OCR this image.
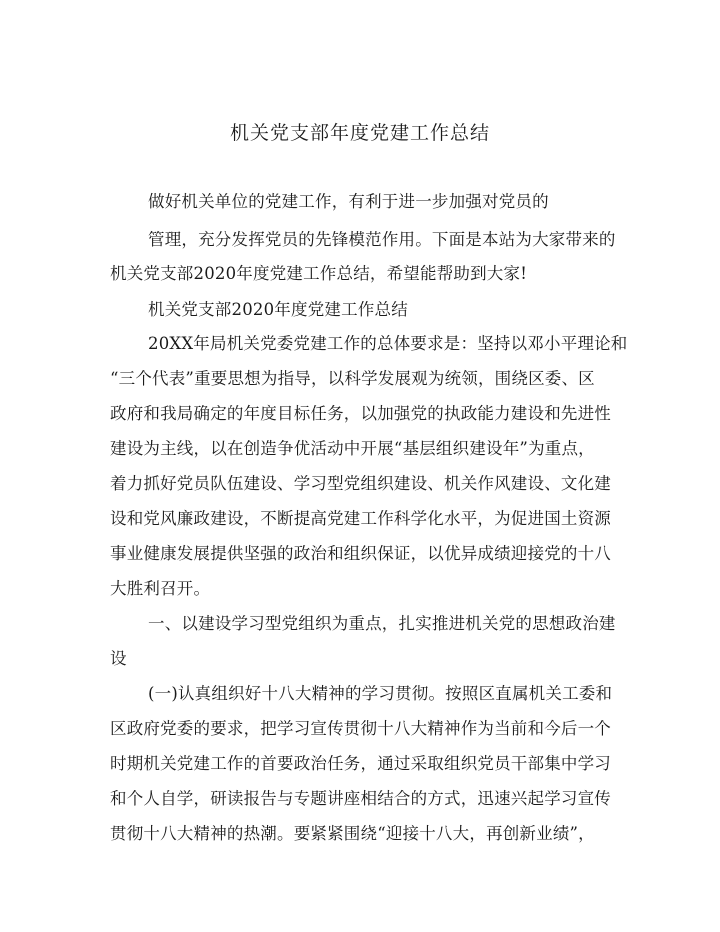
机关党支部年度党建工作总结
做好机关单位的党建工作，有利于进一步加强对党员的
管理，充分发挥党员的先锋模范作用。下面是本站为大家带来的
机关党支部2020年度党建工作总结，希望能帮助到大家!
机关党支部2020年度党建工作总结
20XX年局机关党委党建工作的总体要求是：坚持以邓小平理论和
“三个代表”重要思想为指导，以科学发展观为统领，围绕区委、区
政府和我局确定的年度目标任务，以加强党的执政能力建设和先进性
建设为主线，以在创造争优活动中开展“基层组织建设年”为重点，
着力抓好党员队伍建设、学习型党组织建设、机关作风建设、文化建
设和党风廉政建设，不断提高党建工作科学化水平，为促进国土资源
事业健康发展提供坚强的政治和组织保证，以优异成绩迎接党的十八
大胜利召开。
一、以建设学习型党组织为重点，扎实推进机关党的思想政治建
设
(一)认真组织好十八大精神的学习贯彻。按照区直属机关工委和
区政府党委的要求，把学习宣传贯彻十八大精神作为当前和今后一个
时期机关党建工作的首要政治任务，通过采取组织党员干部集中学习
和个人自学，研读报告与专题讲座相结合的方式，迅速兴起学习宣传
贯彻十八大精神的热潮。要紧紧围绕“迎接十八大，再创新业绩”，
